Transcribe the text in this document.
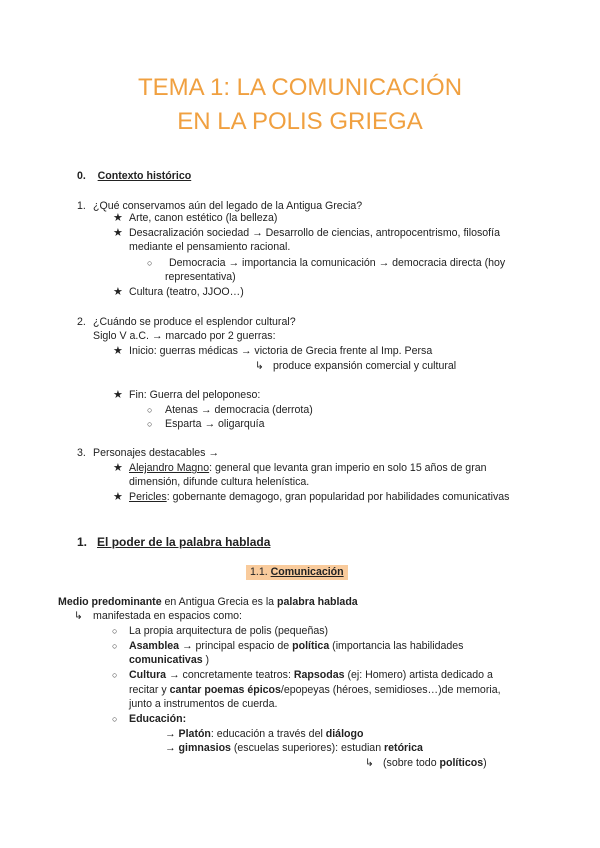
TEMA 1: LA COMUNICACIÓN
EN LA POLIS GRIEGA
0. Contexto histórico
1. ¿Qué conservamos aún del legado de la Antigua Grecia?
★ Arte, canon estético (la belleza)
★ Desacralización sociedad → Desarrollo de ciencias, antropocentrismo, filosofía
mediante el pensamiento racional.
○ Democracia → importancia la comunicación → democracia directa (hoy
representativa)
★ Cultura (teatro, JJOO…)
2. ¿Cuándo se produce el esplendor cultural?
Siglo V a.C. → marcado por 2 guerras:
★ Inicio: guerras médicas → victoria de Grecia frente al Imp. Persa
↳ produce expansión comercial y cultural
★ Fin: Guerra del peloponeso:
○ Atenas → democracia (derrota)
○ Esparta → oligarquía
3. Personajes destacables →
★ Alejandro Magno: general que levanta gran imperio en solo 15 años de gran
dimensión, difunde cultura helenística.
★ Pericles: gobernante demagogo, gran popularidad por habilidades comunicativas
1. El poder de la palabra hablada
1.1. Comunicación
Medio predominante en Antigua Grecia es la palabra hablada
↳ manifestada en espacios como:
○ La propia arquitectura de polis (pequeñas)
○ Asamblea → principal espacio de política (importancia las habilidades
comunicativas )
○ Cultura → concretamente teatros: Rapsodas (ej: Homero) artista dedicado a
recitar y cantar poemas épicos/epopeyas (héroes, semidioses…)de memoria,
junto a instrumentos de cuerda.
○ Educación:
→ Platón: educación a través del diálogo
→ gimnasios (escuelas superiores): estudian retórica
↳ (sobre todo políticos)
